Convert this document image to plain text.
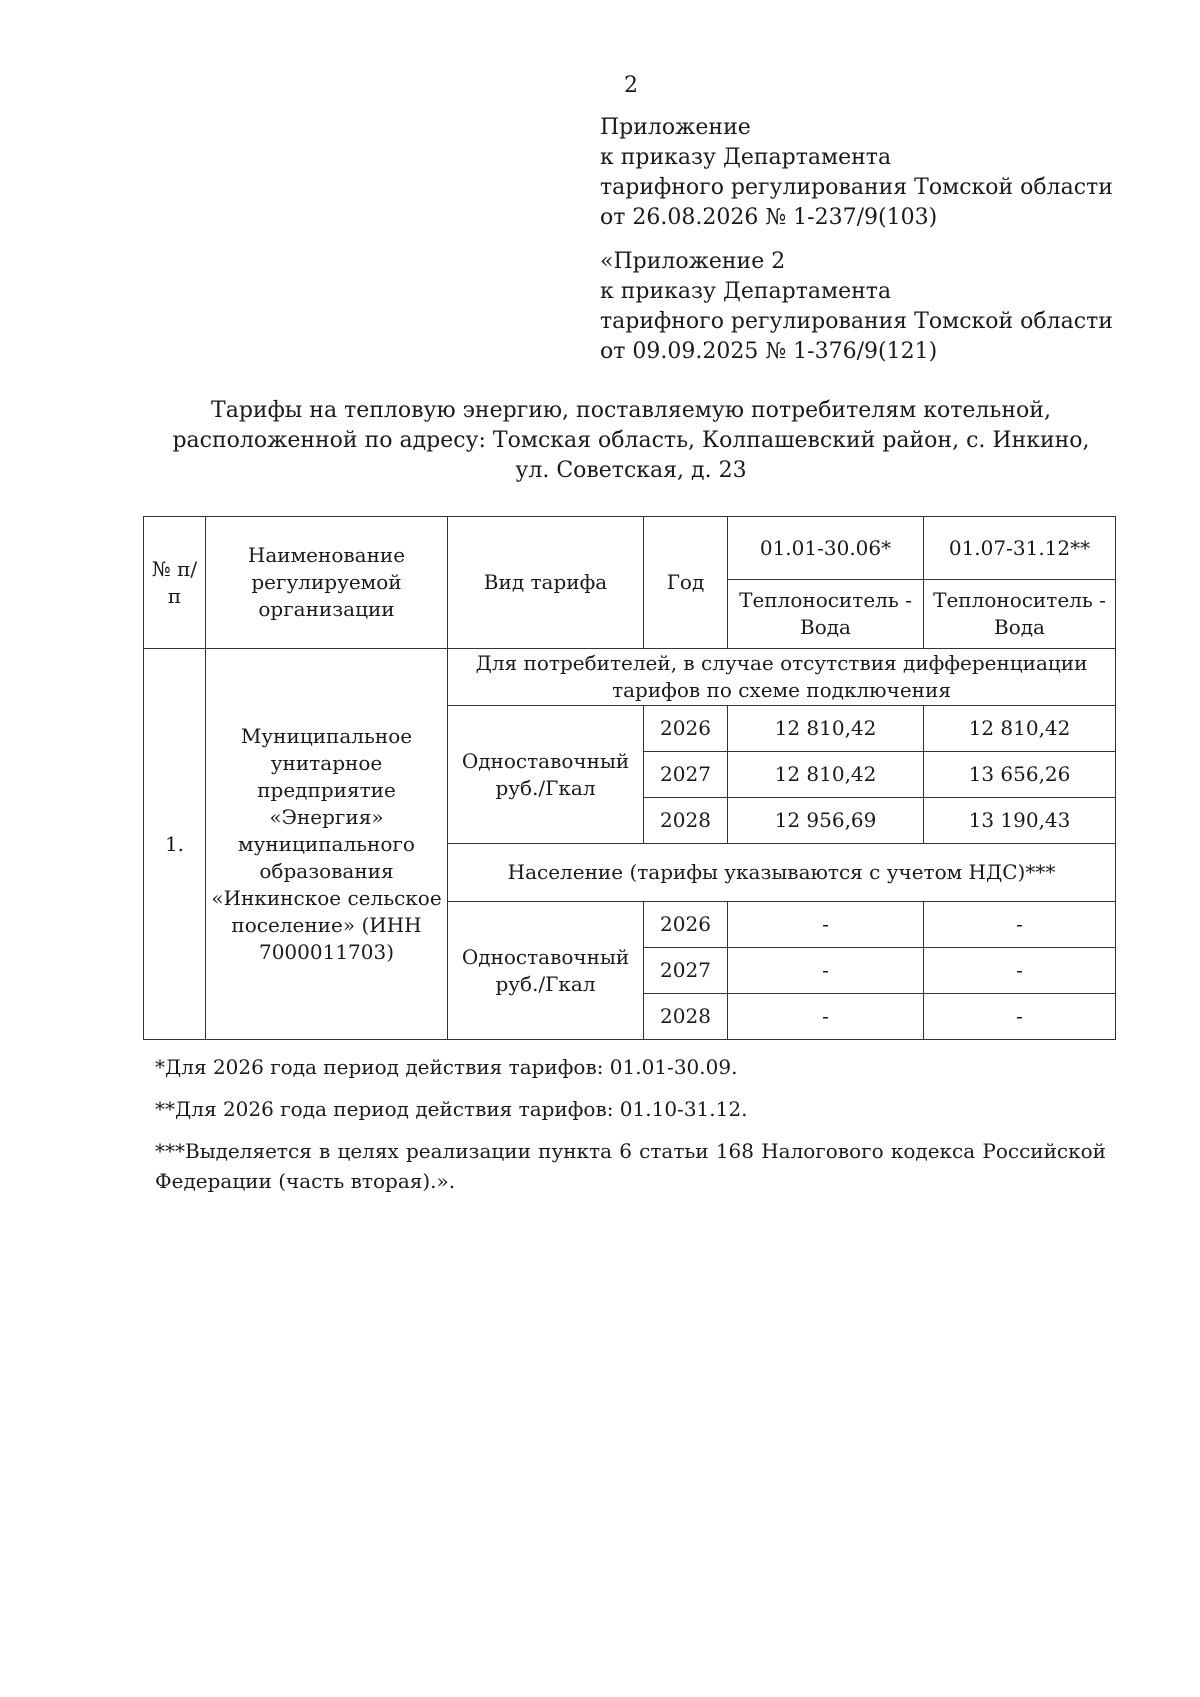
2
Приложение
к приказу Департамента
тарифного регулирования Томской области
от 26.08.2026 № 1-237/9(103)
«Приложение 2
к приказу Департамента
тарифного регулирования Томской области
от 09.09.2025 № 1-376/9(121)
Тарифы на тепловую энергию, поставляемую потребителям котельной,
расположенной по адресу: Томская область, Колпашевский район, с. Инкино,
ул. Советская, д. 23
№ п/п	Наименование регулируемой организации	Вид тарифа	Год	01.01-30.06*	01.07-31.12**
				Теплоноситель - Вода	Теплоноситель - Вода
1.	Муниципальное унитарное предприятие «Энергия» муниципального образования «Инкинское сельское поселение» (ИНН 7000011703)	Для потребителей, в случае отсутствия дифференциации тарифов по схеме подключения			
		Одноставочный руб./Гкал	2026	12 810,42	12 810,42
			2027	12 810,42	13 656,26
			2028	12 956,69	13 190,43
		Население (тарифы указываются с учетом НДС)***			
		Одноставочный руб./Гкал	2026	-	-
			2027	-	-
			2028	-	-

*Для 2026 года период действия тарифов: 01.01-30.09.

**Для 2026 года период действия тарифов: 01.10-31.12.

***Выделяется в целях реализации пункта 6 статьи 168 Налогового кодекса Российской Федерации (часть вторая).».
